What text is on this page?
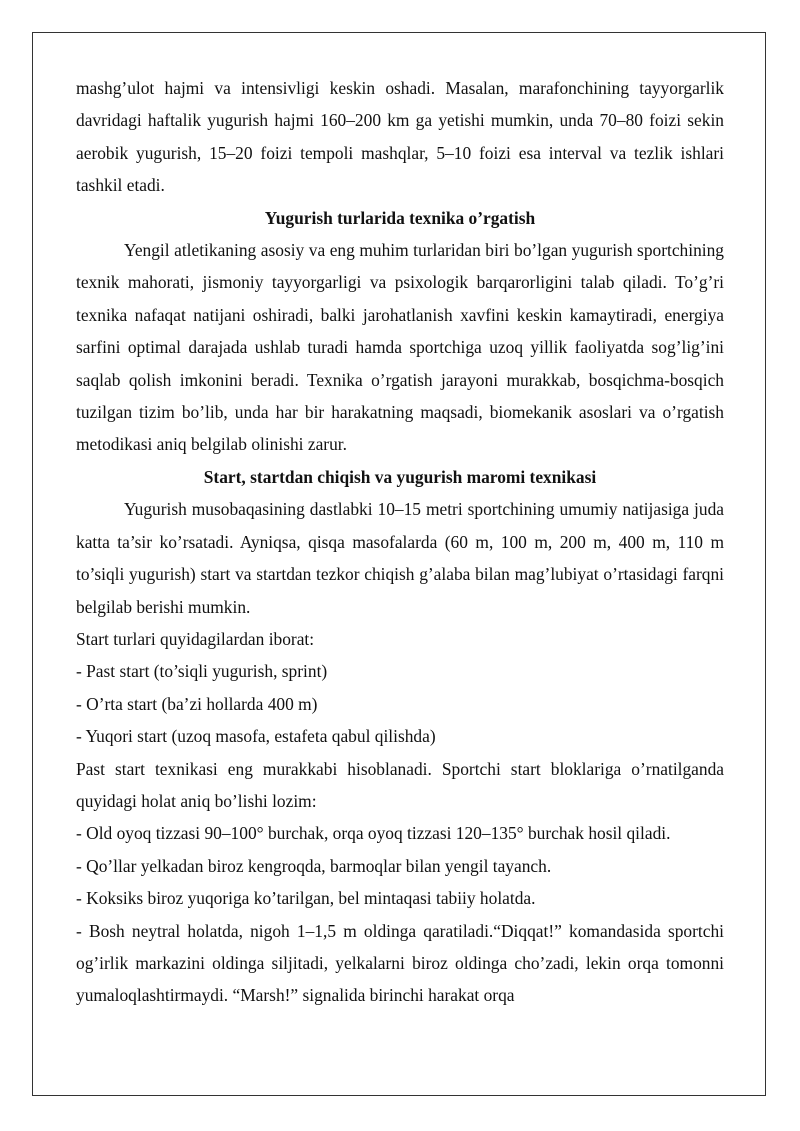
mashg’ulot hajmi va intensivligi keskin oshadi. Masalan, marafonchining tayyorgarlik davridagi haftalik yugurish hajmi 160–200 km ga yetishi mumkin, unda 70–80 foizi sekin aerobik yugurish, 15–20 foizi tempoli mashqlar, 5–10 foizi esa interval va tezlik ishlari tashkil etadi.

Yugurish turlarida texnika o’rgatish

Yengil atletikaning asosiy va eng muhim turlaridan biri bo’lgan yugurish sportchining texnik mahorati, jismoniy tayyorgarligi va psixologik barqarorligini talab qiladi. To’g’ri texnika nafaqat natijani oshiradi, balki jarohatlanish xavfini keskin kamaytiradi, energiya sarfini optimal darajada ushlab turadi hamda sportchiga uzoq yillik faoliyatda sog’lig’ini saqlab qolish imkonini beradi. Texnika o’rgatish jarayoni murakkab, bosqichma-bosqich tuzilgan tizim bo’lib, unda har bir harakatning maqsadi, biomekanik asoslari va o’rgatish metodikasi aniq belgilab olinishi zarur.

Start, startdan chiqish va yugurish maromi texnikasi

Yugurish musobaqasining dastlabki 10–15 metri sportchining umumiy natijasiga juda katta ta’sir ko’rsatadi. Ayniqsa, qisqa masofalarda (60 m, 100 m, 200 m, 400 m, 110 m to’siqli yugurish) start va startdan tezkor chiqish g’alaba bilan mag’lubiyat o’rtasidagi farqni belgilab berishi mumkin.

Start turlari quyidagilardan iborat:

- Past start (to’siqli yugurish, sprint)

- O’rta start (ba’zi hollarda 400 m)

- Yuqori start (uzoq masofa, estafeta qabul qilishda)

Past start texnikasi eng murakkabi hisoblanadi. Sportchi start bloklariga o’rnatilganda quyidagi holat aniq bo’lishi lozim:

- Old oyoq tizzasi 90–100° burchak, orqa oyoq tizzasi 120–135° burchak hosil qiladi.

- Qo’llar yelkadan biroz kengroqda, barmoqlar bilan yengil tayanch.

- Koksiks biroz yuqoriga ko’tarilgan, bel mintaqasi tabiiy holatda.

- Bosh neytral holatda, nigoh 1–1,5 m oldinga qaratiladi.“Diqqat!” komandasida sportchi og’irlik markazini oldinga siljitadi, yelkalarni biroz oldinga cho’zadi, lekin orqa tomonni yumaloqlashtirmaydi. “Marsh!” signalida birinchi harakat orqa
